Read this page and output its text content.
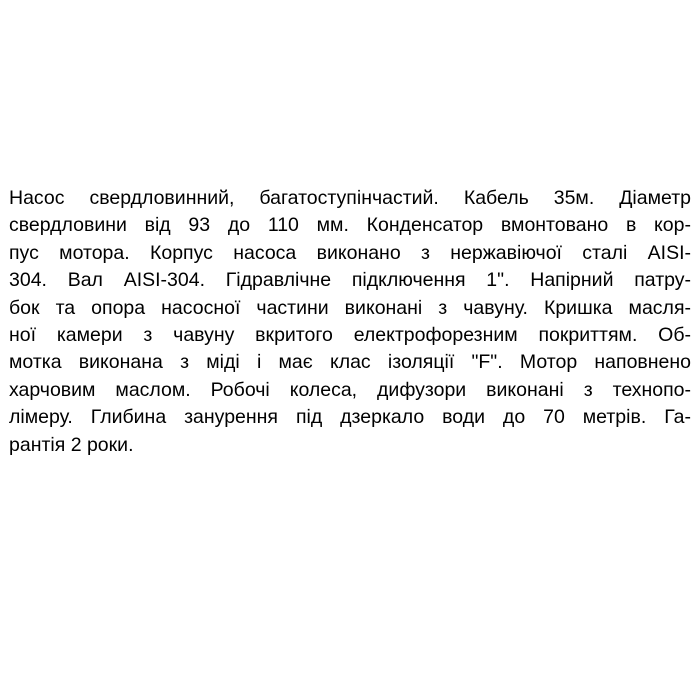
Насос свердловинний, багатоступінчастий. Кабель 35м. Діаметр
свердловини від 93 до 110 мм. Конденсатор вмонтовано в кор-
пус мотора. Корпус насоса виконано з нержавіючої сталі AISI-
304. Вал AISI-304. Гідравлічне підключення 1". Напірний патру-
бок та опора насосної частини виконані з чавуну. Кришка масля-
ної камери з чавуну вкритого електрофорезним покриттям. Об-
мотка виконана з міді і має клас ізоляції "F". Мотор наповнено
харчовим маслом. Робочі колеса, дифузори виконані з технопо-
лімеру. Глибина занурення під дзеркало води до 70 метрів. Га-
рантія 2 роки.
